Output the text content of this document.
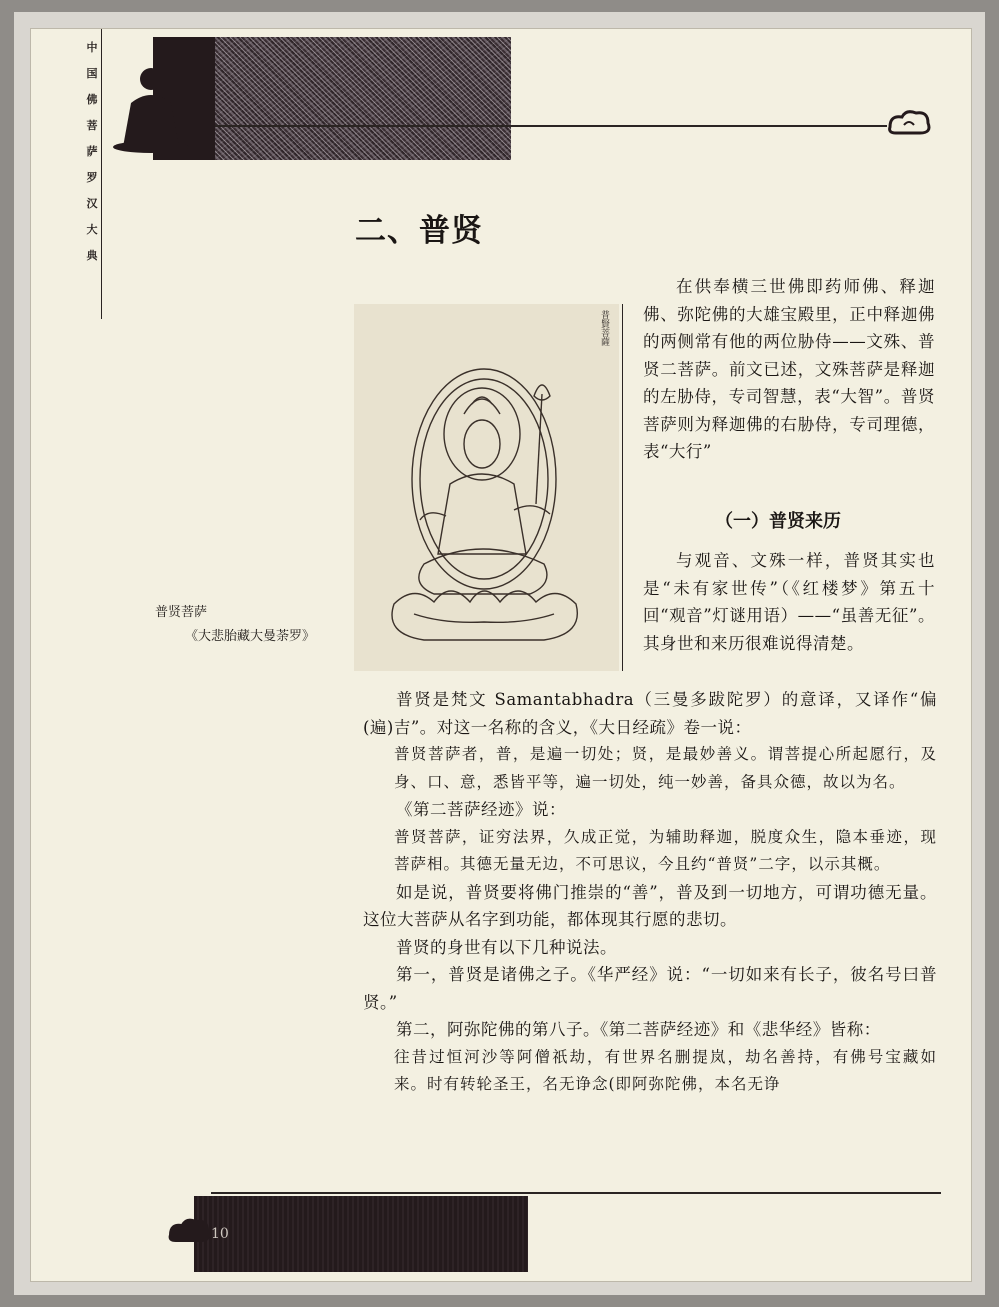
中国佛菩萨罗汉大典
二、普贤
普賢菩薩
普贤菩萨
《大悲胎藏大曼荼罗》

在供奉横三世佛即药师佛、释迦佛、弥陀佛的大雄宝殿里，正中释迦佛的两侧常有他的两位胁侍——文殊、普贤二菩萨。前文已述，文殊菩萨是释迦的左胁侍，专司智慧，表“大智”。普贤菩萨则为释迦佛的右胁侍，专司理德，表“大行”

（一）普贤来历

与观音、文殊一样，普贤其实也是“未有家世传”（《红楼梦》第五十回“观音”灯谜用语）——“虽善无征”。其身世和来历很难说得清楚。

普贤是梵文 Samantabhadra（三曼多跋陀罗）的意译，又译作“偏(遍)吉”。对这一名称的含义，《大日经疏》卷一说：

普贤菩萨者，普，是遍一切处；贤，是最妙善义。谓菩提心所起愿行，及身、口、意，悉皆平等，遍一切处，纯一妙善，备具众德，故以为名。

《第二菩萨经迹》说：

普贤菩萨，证穷法界，久成正觉，为辅助释迦，脱度众生，隐本垂迹，现菩萨相。其德无量无边，不可思议，今且约“普贤”二字，以示其概。

如是说，普贤要将佛门推崇的“善”，普及到一切地方，可谓功德无量。这位大菩萨从名字到功能，都体现其行愿的悲切。

普贤的身世有以下几种说法。

第一，普贤是诸佛之子。《华严经》说：“一切如来有长子，彼名号曰普贤。”

第二，阿弥陀佛的第八子。《第二菩萨经迹》和《悲华经》皆称：

往昔过恒河沙等阿僧祇劫，有世界名删提岚，劫名善持，有佛号宝藏如来。时有转轮圣王，名无诤念(即阿弥陀佛，本名无诤

10
